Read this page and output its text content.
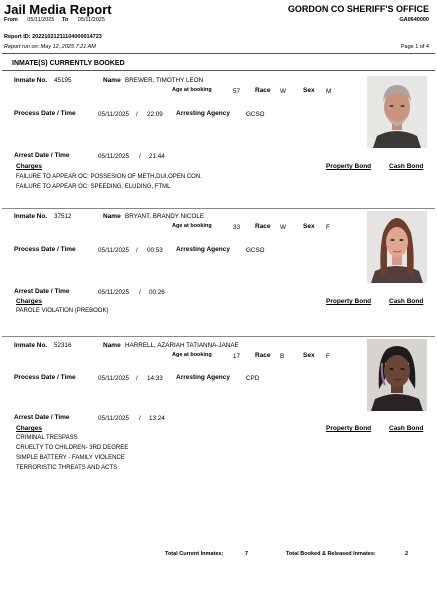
Jail Media Report
From 05/11/2025 To 05/11/2025
GORDON CO SHERIFF'S OFFICE
GA0640000
Report ID: 20221021211104000014723
Report run on: May 12, 2025 7:21 AM	Page 1 of 4
INMATE(S) CURRENTLY BOOKED
Inmate No. 45195	Name BREWER, TIMOTHY LEON
Age at booking	57 Race W	Sex M
Process Date / Time	05/11/2025 / 22:09 Arresting Agency	GCSO
Arrest Date / Time	05/11/2025 / 21:44
Charges	Property Bond	Cash Bond
FAILURE TO APPEAR OC: POSSESION OF METH,DUI,OPEN CON.
FAILURE TO APPEAR OC: SPEEDING, ELUDING, FTML
Inmate No. 37512	Name BRYANT, BRANDY NICOLE
Age at booking	33 Race W	Sex F
Process Date / Time	05/11/2025 / 00:53 Arresting Agency	GCSO
Arrest Date / Time	05/11/2025 / 00:26
Charges	Property Bond	Cash Bond
PAROLE VIOLATION (PREBOOK)
Inmate No. 52316	Name HARRELL, AZARIAH TATIANNA-JANAE
Age at booking	17 Race B	Sex F
Process Date / Time	05/11/2025 / 14:33 Arresting Agency	CPD
Arrest Date / Time	05/11/2025 / 13:24
Charges	Property Bond	Cash Bond
CRIMINAL TRESPASS
CRUELTY TO CHILDREN- 3RD DEGREE
SIMPLE BATTERY - FAMILY VIOLENCE
TERRORISTIC THREATS AND ACTS
Total Current Inmates:	7	Total Booked & Released Inmates:	2
